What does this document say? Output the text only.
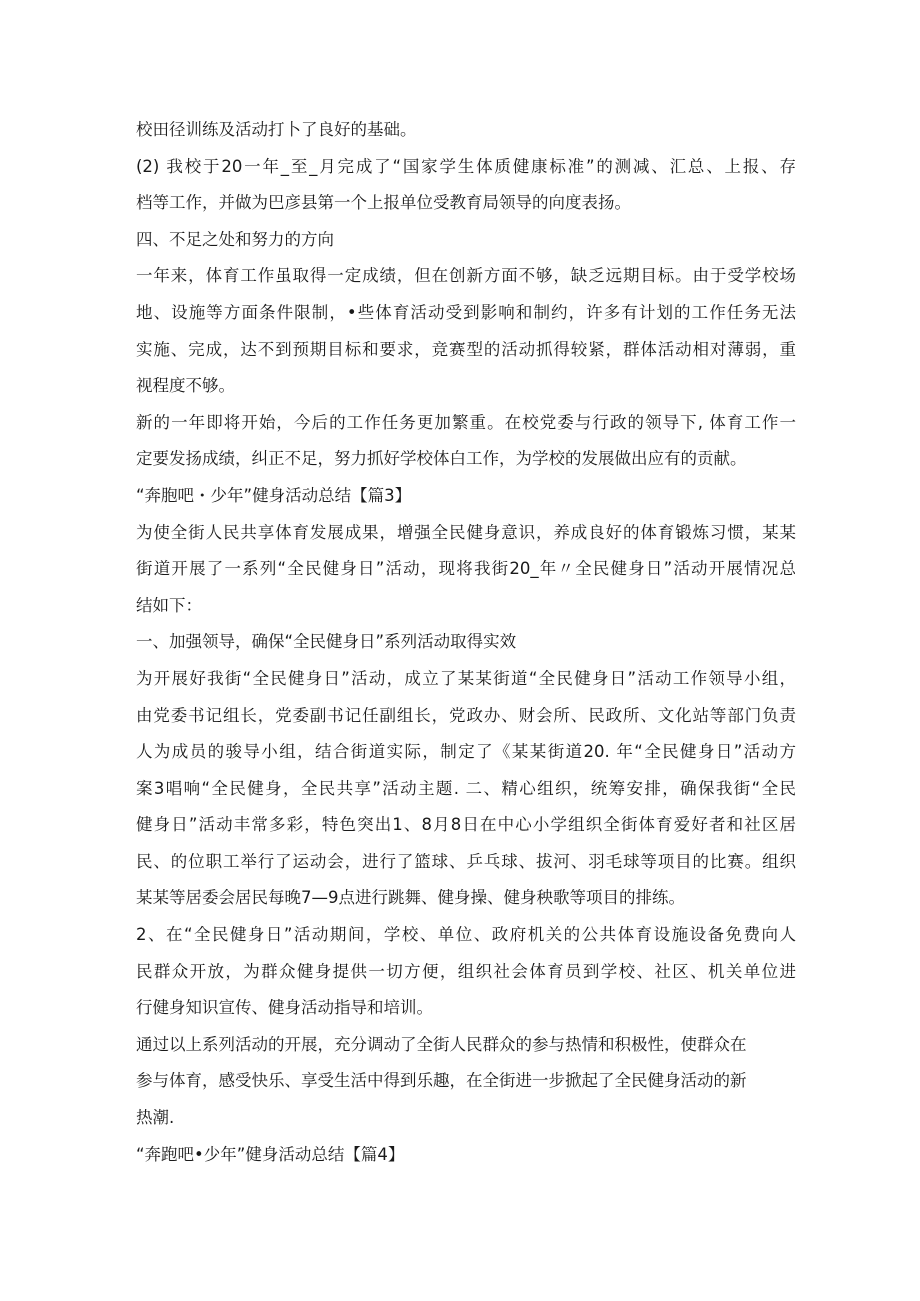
校田径训练及活动打卜了良好的基础。
(2) 我校于20一年_至_月完成了“国家学生体质健康标准”的测减、汇总、上报、存
档等工作，并做为巴彦县第一个上报单位受教育局领导的向度表扬。
四、不足之处和努力的方向
一年来，体育工作虽取得一定成绩，但在创新方面不够，缺乏远期目标。由于受学校场
地、设施等方面条件限制，•些体育活动受到影响和制约，许多有计划的工作任务无法
实施、完成，达不到预期目标和要求，竞赛型的活动抓得较紧，群体活动相对薄弱，重
视程度不够。
新的一年即将开始，今后的工作任务更加繁重。在校党委与行政的领导下, 体育工作一
定要发扬成绩，纠正不足，努力抓好学校体白工作，为学校的发展做出应有的贡献。
“奔胞吧・少年”健身活动总结【篇3】
为使全街人民共享体育发展成果，增强全民健身意识，养成良好的体育锻炼习惯，某某
街道开展了一系列“全民健身日”活动，现将我街20_年〃全民健身日”活动开展情况总
结如下：
一、加强领导，确保“全民健身日”系列活动取得实效
为开展好我街“全民健身日”活动，成立了某某街道“全民健身日”活动工作领导小组，
由党委书记组长，党委副书记任副组长，党政办、财会所、民政所、文化站等部门负责
人为成员的骏导小组，结合街道实际，制定了《某某街道20. 年“全民健身日”活动方
案3唱响“全民健身，全民共享”活动主题. 二、精心组织，统筹安排，确保我街“全民
健身日”活动丰常多彩，特色突出1、8月8日在中心小学组织全街体育爱好者和社区居
民、的位职工举行了运动会，进行了篮球、乒乓球、拔河、羽毛球等项目的比赛。组织
某某等居委会居民每晚7—9点进行跳舞、健身操、健身秧歌等项目的排练。
2、在“全民健身日”活动期间，学校、单位、政府机关的公共体育设施设备免费向人
民群众开放，为群众健身提供一切方便，组织社会体育员到学校、社区、机关单位进
行健身知识宣传、健身活动指导和培训。
通过以上系列活动的开展，充分调动了全街人民群众的参与热情和积极性，使群众在
参与体育，感受快乐、享受生活中得到乐趣，在全街进一步掀起了全民健身活动的新
热潮.
“奔跑吧•少年”健身活动总结【篇4】
